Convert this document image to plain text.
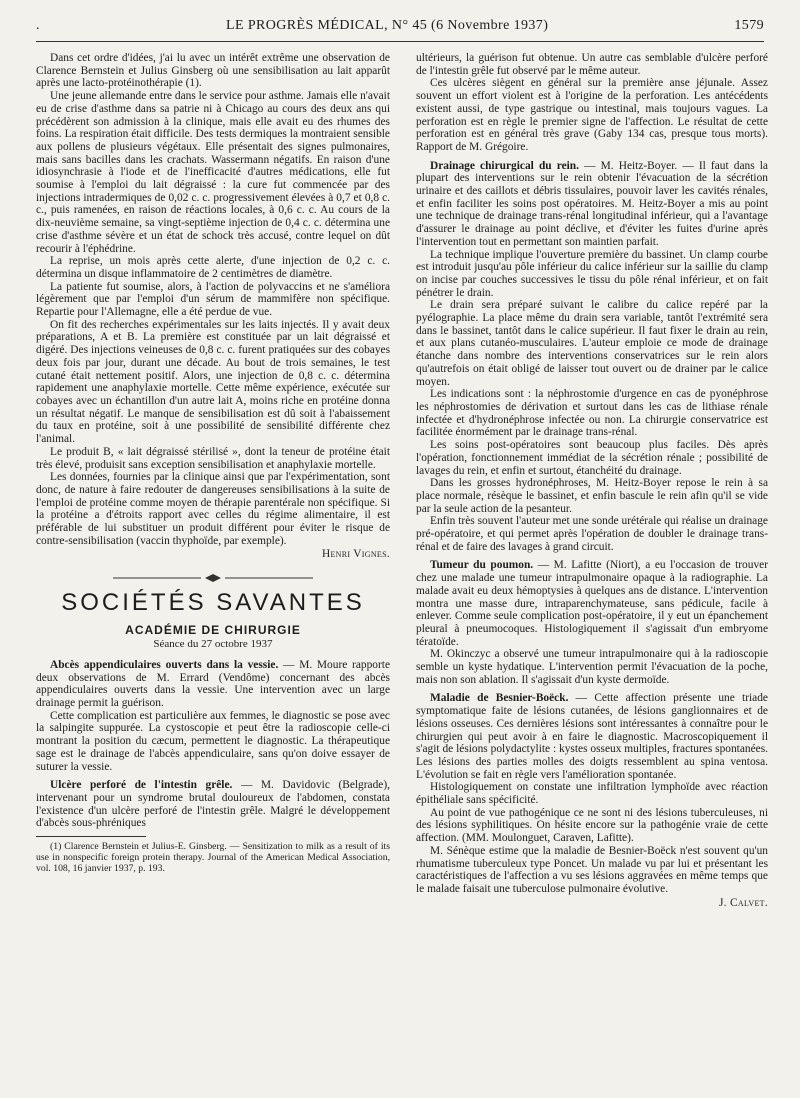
.	LE PROGRÈS MÉDICAL, N° 45 (6 Novembre 1937)	1579

Dans cet ordre d'idées, j'ai lu avec un intérêt extrême une observation de Clarence Bernstein et Julius Ginsberg où une sensibilisation au lait apparût après une lacto-protéinothérapie (1).

Une jeune allemande entre dans le service pour asthme. Jamais elle n'avait eu de crise d'asthme dans sa patrie ni à Chicago au cours des deux ans qui précédèrent son admission à la clinique, mais elle avait eu des rhumes des foins. La respiration était difficile. Des tests dermiques la montraient sensible aux pollens de plusieurs végétaux. Elle présentait des signes pulmonaires, mais sans bacilles dans les crachats. Wassermann négatifs. En raison d'une idiosynchrasie à l'iode et de l'inefficacité d'autres médications, elle fut soumise à l'emploi du lait dégraissé : la cure fut commencée par des injections intradermiques de 0,02 c. c. progressivement élevées à 0,7 et 0,8 c. c., puis ramenées, en raison de réactions locales, à 0,6 c. c. Au cours de la dix-neuvième semaine, sa vingt-septième injection de 0,4 c. c. détermina une crise d'asthme sévère et un état de schock très accusé, contre lequel on dût recourir à l'éphédrine.

La reprise, un mois après cette alerte, d'une injection de 0,2 c. c. détermina un disque inflammatoire de 2 centimètres de diamètre.

La patiente fut soumise, alors, à l'action de polyvaccins et ne s'améliora légèrement que par l'emploi d'un sérum de mammifère non spécifique. Repartie pour l'Allemagne, elle a été perdue de vue.

On fit des recherches expérimentales sur les laits injectés. Il y avait deux préparations, A et B. La première est constituée par un lait dégraissé et digéré. Des injections veineuses de 0,8 c. c. furent pratiquées sur des cobayes deux fois par jour, durant une décade. Au bout de trois semaines, le test cutané était nettement positif. Alors, une injection de 0,8 c. c. détermina rapidement une anaphylaxie mortelle. Cette même expérience, exécutée sur cobayes avec un échantillon d'un autre lait A, moins riche en protéine donna un résultat négatif. Le manque de sensibilisation est dû soit à l'abaissement du taux en protéine, soit à une possibilité de sensibilité différente chez l'animal.

Le produit B, « lait dégraissé stérilisé », dont la teneur de protéine était très élevé, produisit sans exception sensibilisation et anaphylaxie mortelle.

Les données, fournies par la clinique ainsi que par l'expérimentation, sont donc, de nature à faire redouter de dangereuses sensibilisations à la suite de l'emploi de protéine comme moyen de thérapie parentérale non spécifique. Si la protéine a d'étroits rapport avec celles du régime alimentaire, il est préférable de lui substituer un produit différent pour éviter le risque de contre-sensibilisation (vaccin thyphoïde, par exemple).

Henri Vignes.
SOCIÉTÉS SAVANTES
ACADÉMIE DE CHIRURGIE
Séance du 27 octobre 1937

Abcès appendiculaires ouverts dans la vessie. — M. Moure rapporte deux observations de M. Errard (Vendôme) concernant des abcès appendiculaires ouverts dans la vessie. Une intervention avec un large drainage permit la guérison.

Cette complication est particulière aux femmes, le diagnostic se pose avec la salpingite suppurée. La cystoscopie et peut être la radioscopie celle-ci montrant la position du cæcum, permettent le diagnostic. La thérapeutique sage est le drainage de l'abcès appendiculaire, sans qu'on doive essayer de suturer la vessie.

Ulcère perforé de l'intestin grêle. — M. Davidovic (Belgrade), intervenant pour un syndrome brutal douloureux de l'abdomen, constata l'existence d'un ulcère perforé de l'intestin grêle. Malgré le développement d'abcès sous-phréniques

(1) Clarence Bernstein et Julius-E. Ginsberg. — Sensitization to milk as a result of its use in nonspecific foreign protein therapy. Journal of the American Medical Association, vol. 108, 16 janvier 1937, p. 193.

ultérieurs, la guérison fut obtenue. Un autre cas semblable d'ulcère perforé de l'intestin grêle fut observé par le même auteur.

Ces ulcères siègent en général sur la première anse jéjunale. Assez souvent un effort violent est à l'origine de la perforation. Les antécédents existent aussi, de type gastrique ou intestinal, mais toujours vagues. La perforation est en règle le premier signe de l'affection. Le résultat de cette perforation est en général très grave (Gaby 134 cas, presque tous morts). Rapport de M. Grégoire.

Drainage chirurgical du rein. — M. Heitz-Boyer. — Il faut dans la plupart des interventions sur le rein obtenir l'évacuation de la sécrétion urinaire et des caillots et débris tissulaires, pouvoir laver les cavités rénales, et enfin faciliter les soins post opératoires. M. Heitz-Boyer a mis au point une technique de drainage trans-rénal longitudinal inférieur, qui a l'avantage d'assurer le drainage au point déclive, et d'éviter les fuites d'urine après l'intervention tout en permettant son maintien parfait.

La technique implique l'ouverture première du bassinet. Un clamp courbe est introduit jusqu'au pôle inférieur du calice inférieur sur la saillie du clamp on incise par couches successives le tissu du pôle rénal inférieur, et on fait pénétrer le drain.

Le drain sera préparé suivant le calibre du calice repéré par la pyélographie. La place même du drain sera variable, tantôt l'extrémité sera dans le bassinet, tantôt dans le calice supérieur. Il faut fixer le drain au rein, et aux plans cutanéo-musculaires. L'auteur emploie ce mode de drainage étanche dans nombre des interventions conservatrices sur le rein alors qu'autrefois on était obligé de laisser tout ouvert ou de drainer par le calice moyen.

Les indications sont : la néphrostomie d'urgence en cas de pyonéphrose les néphrostomies de dérivation et surtout dans les cas de lithiase rénale infectée et d'hydronéphrose infectée ou non. La chirurgie conservatrice est facilitée énormément par le drainage trans-rénal.

Les soins post-opératoires sont beaucoup plus faciles. Dès après l'opération, fonctionnement immédiat de la sécrétion rénale ; possibilité de lavages du rein, et enfin et surtout, étanchéité du drainage.

Dans les grosses hydronéphroses, M. Heitz-Boyer repose le rein à sa place normale, résèque le bassinet, et enfin bascule le rein afin qu'il se vide par la seule action de la pesanteur.

Enfin très souvent l'auteur met une sonde urétérale qui réalise un drainage pré-opératoire, et qui permet après l'opération de doubler le drainage trans-rénal et de faire des lavages à grand circuit.

Tumeur du poumon. — M. Lafitte (Niort), a eu l'occasion de trouver chez une malade une tumeur intrapulmonaire opaque à la radiographie. La malade avait eu deux hémoptysies à quelques ans de distance. L'intervention montra une masse dure, intraparenchymateuse, sans pédicule, facile à enlever. Comme seule complication post-opératoire, il y eut un épanchement pleural à pneumocoques. Histologiquement il s'agissait d'un embryome tératoïde.

M. Okinczyc a observé une tumeur intrapulmonaire qui à la radioscopie semble un kyste hydatique. L'intervention permit l'évacuation de la poche, mais non son ablation. Il s'agissait d'un kyste dermoïde.

Maladie de Besnier-Boëck. — Cette affection présente une triade symptomatique faite de lésions cutanées, de lésions ganglionnaires et de lésions osseuses. Ces dernières lésions sont intéressantes à connaître pour le chirurgien qui peut avoir à en faire le diagnostic. Macroscopiquement il s'agit de lésions polydactylite : kystes osseux multiples, fractures spontanées. Les lésions des parties molles des doigts ressemblent au spina ventosa. L'évolution se fait en règle vers l'amélioration spontanée.

Histologiquement on constate une infiltration lymphoïde avec réaction épithéliale sans spécificité.

Au point de vue pathogénique ce ne sont ni des lésions tuberculeuses, ni des lésions syphilitiques. On hésite encore sur la pathogénie vraie de cette affection. (MM. Moulonguet, Caraven, Lafitte).

M. Sénèque estime que la maladie de Besnier-Boëck n'est souvent qu'un rhumatisme tuberculeux type Poncet. Un malade vu par lui et présentant les caractéristiques de l'affection a vu ses lésions aggravées en même temps que le malade faisait une tuberculose pulmonaire évolutive.

J. Calvet.
